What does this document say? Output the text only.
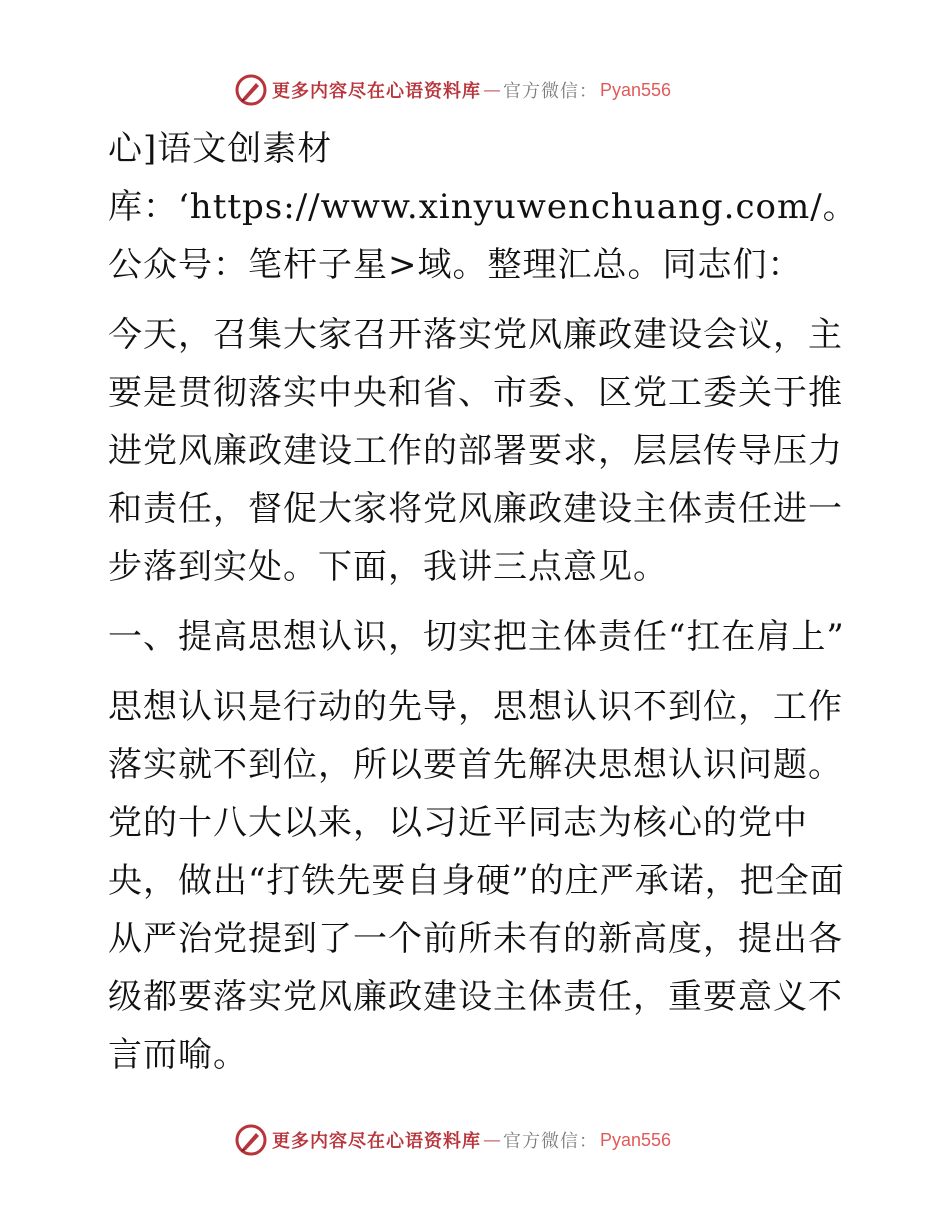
更多内容尽在心语资料库 — 官方微信： Pyan556

心]语文创素材库：‘https://www.xinyuwenchuang.com/。公众号：笔杆子星>域。整理汇总。同志们：

今天，召集大家召开落实党风廉政建设会议，主要是贯彻落实中央和省、市委、区党工委关于推进党风廉政建设工作的部署要求，层层传导压力和责任，督促大家将党风廉政建设主体责任进一步落到实处。下面，我讲三点意见。

一、提高思想认识，切实把主体责任“扛在肩上”

思想认识是行动的先导，思想认识不到位，工作落实就不到位，所以要首先解决思想认识问题。党的十八大以来，以习近平同志为核心的党中央，做出“打铁先要自身硬”的庄严承诺，把全面从严治党提到了一个前所未有的新高度，提出各级都要落实党风廉政建设主体责任，重要意义不言而喻。

更多内容尽在心语资料库 — 官方微信： Pyan556
